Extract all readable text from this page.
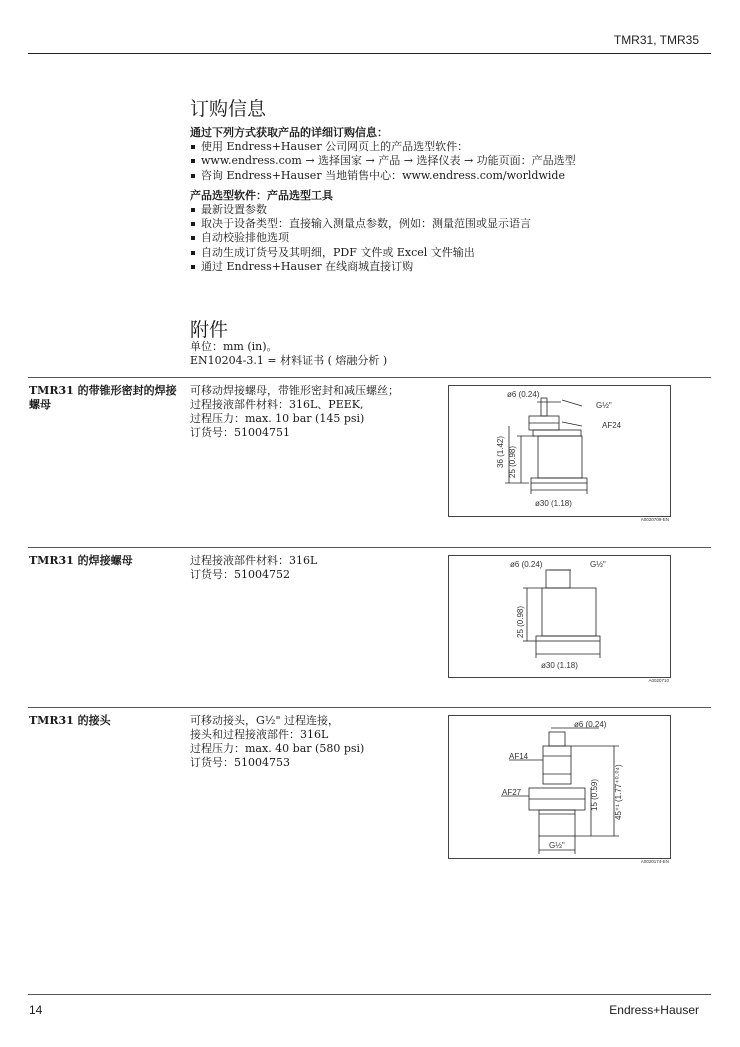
TMR31, TMR35
订购信息
通过下列方式获取产品的详细订购信息：
使用 Endress+Hauser 公司网页上的产品选型软件：
www.endress.com → 选择国家 → 产品 → 选择仪表 → 功能页面：产品选型
咨询 Endress+Hauser 当地销售中心：www.endress.com/worldwide
产品选型软件：产品选型工具
最新设置参数
取决于设备类型：直接输入测量点参数，例如：测量范围或显示语言
自动校验排他选项
自动生成订货号及其明细，PDF 文件或 Excel 文件输出
通过 Endress+Hauser 在线商城直接订购
附件
单位：mm (in)。
EN10204-3.1 = 材料证书 ( 熔融分析 )
TMR31 的带锥形密封的焊接螺母
可移动焊接螺母，带锥形密封和减压螺丝；
过程接液部件材料：316L、PEEK,
过程压力：max. 10 bar (145 psi)
订货号：51004751
ø6 (0.24)
G½"
AF24
36 (1.42) 25 (0.98)
ø30 (1.18)
A0020709-EN
TMR31 的焊接螺母	过程接液部件材料：316L
订货号：51004752
ø6 (0.24)	G½"
25 (0.98)
ø30 (1.18)
A0020710
TMR31 的接头	可移动接头，G½" 过程连接，
接头和过程接液部件：316L
过程压力：max. 40 bar (580 psi)
订货号：51004753
ø6 (0.24)
AF14
AF27	15 (0.59) 45⁺¹ (1.77⁺⁰·⁰⁴)
G½"
A0020174-EN
14	Endress+Hauser
